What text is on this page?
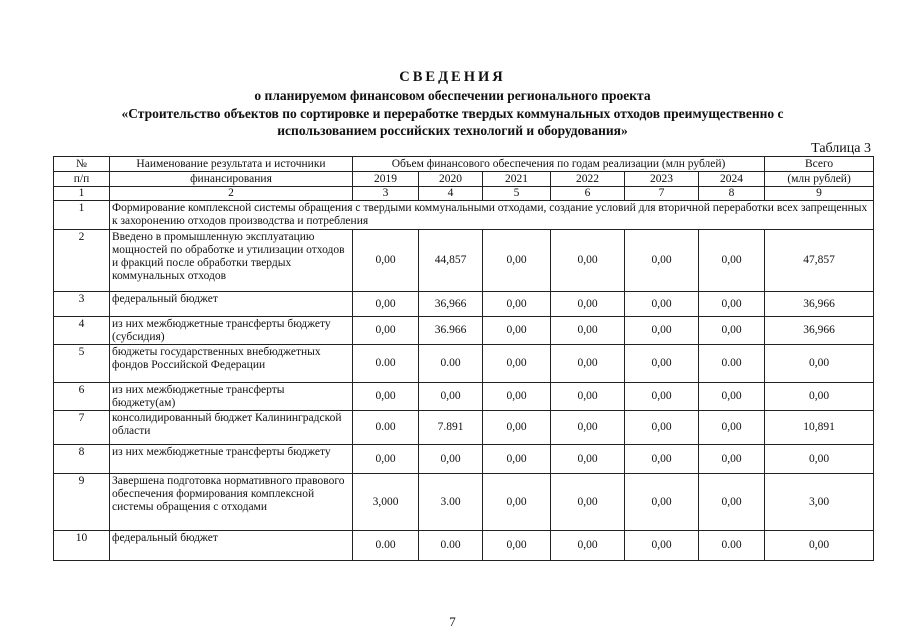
СВЕДЕНИЯ
о планируемом финансовом обеспечении регионального проекта
«Строительство объектов по сортировке и переработке твердых коммунальных отходов преимущественно с
использованием российских технологий и оборудования»
Таблица 3
№	Наименование результата и источники	Объем финансового обеспечения по годам реализации (млн рублей)						Всего
п/п	финансирования	2019	2020	2021	2022	2023	2024	(млн рублей)
1	2	3	4	5	6	7	8	9
1	Формирование комплексной системы обращения с твердыми коммунальными отходами, создание условий для вторичной переработки всех запрещенных к захоронению отходов производства и потребления							
2	Введено в промышленную эксплуатацию мощностей по обработке и утилизации отходов и фракций после обработки твердых коммунальных отходов	0,00	44,857	0,00	0,00	0,00	0,00	47,857
3	федеральный бюджет	0,00	36,966	0,00	0,00	0,00	0,00	36,966
4	из них межбюджетные трансферты бюджету (субсидия)	0,00	36.966	0,00	0,00	0,00	0,00	36,966
5	бюджеты государственных внебюджетных фондов Российской Федерации	0.00	0.00	0,00	0,00	0,00	0.00	0,00
6	из них межбюджетные трансферты бюджету(ам)	0,00	0,00	0,00	0,00	0,00	0,00	0,00
7	консолидированный бюджет Калининградской области	0.00	7.891	0,00	0,00	0,00	0,00	10,891
8	из них межбюджетные трансферты бюджету	0,00	0,00	0,00	0,00	0,00	0,00	0,00
9	Завершена подготовка нормативного правового обеспечения формирования комплексной системы обращения с отходами	3,000	3.00	0,00	0,00	0,00	0,00	3,00
10	федеральный бюджет	0.00	0.00	0,00	0,00	0,00	0.00	0,00
7
